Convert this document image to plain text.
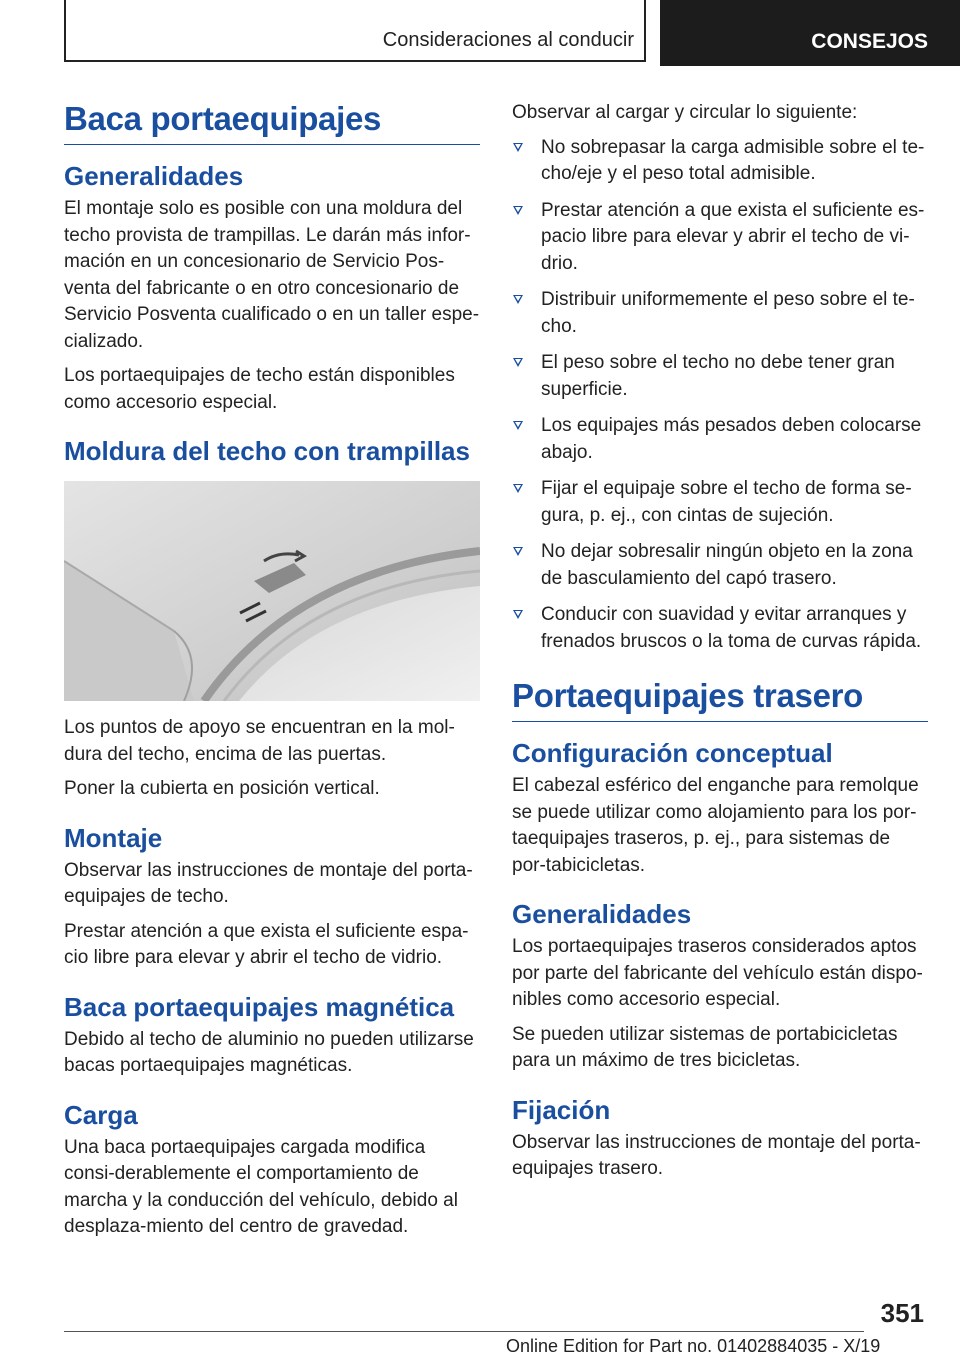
Consideraciones al conducir	CONSEJOS
Baca portaequipajes
Generalidades

El montaje solo es posible con una moldura del techo provista de trampillas. Le darán más infor-mación en un concesionario de Servicio Pos-venta del fabricante o en otro concesionario de Servicio Posventa cualificado o en un taller espe-cializado.

Los portaequipajes de techo están disponibles como accesorio especial.

Moldura del techo con trampillas

Los puntos de apoyo se encuentran en la mol-dura del techo, encima de las puertas.

Poner la cubierta en posición vertical.

Montaje

Observar las instrucciones de montaje del porta-equipajes de techo.

Prestar atención a que exista el suficiente espa-cio libre para elevar y abrir el techo de vidrio.

Baca portaequipajes magnética

Debido al techo de aluminio no pueden utilizarse bacas portaequipajes magnéticas.

Carga

Una baca portaequipajes cargada modifica consi-derablemente el comportamiento de marcha y la conducción del vehículo, debido al desplaza-miento del centro de gravedad.

Observar al cargar y circular lo siguiente:

No sobrepasar la carga admisible sobre el te-cho/eje y el peso total admisible.
Prestar atención a que exista el suficiente es-pacio libre para elevar y abrir el techo de vi-drio.
Distribuir uniformemente el peso sobre el te-cho.
El peso sobre el techo no debe tener gran superficie.
Los equipajes más pesados deben colocarse abajo.
Fijar el equipaje sobre el techo de forma se-gura, p. ej., con cintas de sujeción.
No dejar sobresalir ningún objeto en la zona de basculamiento del capó trasero.
Conducir con suavidad y evitar arranques y frenados bruscos o la toma de curvas rápida.
Portaequipajes trasero
Configuración conceptual

El cabezal esférico del enganche para remolque se puede utilizar como alojamiento para los por-taequipajes traseros, p. ej., para sistemas de por-tabicicletas.

Generalidades

Los portaequipajes traseros considerados aptos por parte del fabricante del vehículo están dispo-nibles como accesorio especial.

Se pueden utilizar sistemas de portabicicletas para un máximo de tres bicicletas.

Fijación

Observar las instrucciones de montaje del porta-equipajes trasero.

351
Online Edition for Part no. 01402884035 - X/19
